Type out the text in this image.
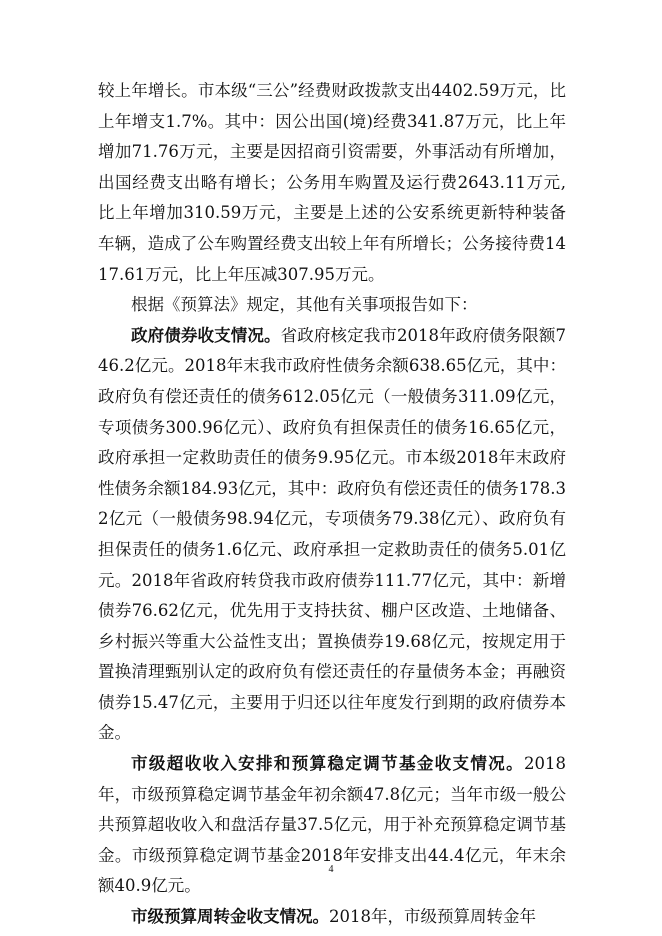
较上年增长。市本级“三公”经费财政拨款支出4402.59万元，比上年增支1.7%。其中：因公出国(境)经费341.87万元，比上年增加71.76万元，主要是因招商引资需要，外事活动有所增加，出国经费支出略有增长；公务用车购置及运行费2643.11万元,比上年增加310.59万元，主要是上述的公安系统更新特种装备车辆，造成了公车购置经费支出较上年有所增长；公务接待费1417.61万元，比上年压减307.95万元。

根据《预算法》规定，其他有关事项报告如下：

政府债券收支情况。省政府核定我市2018年政府债务限额746.2亿元。2018年末我市政府性债务余额638.65亿元，其中：政府负有偿还责任的债务612.05亿元（一般债务311.09亿元，专项债务300.96亿元）、政府负有担保责任的债务16.65亿元，政府承担一定救助责任的债务9.95亿元。市本级2018年末政府性债务余额184.93亿元，其中：政府负有偿还责任的债务178.32亿元（一般债务98.94亿元，专项债务79.38亿元）、政府负有担保责任的债务1.6亿元、政府承担一定救助责任的债务5.01亿元。2018年省政府转贷我市政府债券111.77亿元，其中：新增债券76.62亿元，优先用于支持扶贫、棚户区改造、土地储备、乡村振兴等重大公益性支出；置换债券19.68亿元，按规定用于置换清理甄别认定的政府负有偿还责任的存量债务本金；再融资债券15.47亿元，主要用于归还以往年度发行到期的政府债券本金。

市级超收收入安排和预算稳定调节基金收支情况。2018年，市级预算稳定调节基金年初余额47.8亿元；当年市级一般公共预算超收收入和盘活存量37.5亿元，用于补充预算稳定调节基金。市级预算稳定调节基金2018年安排支出44.4亿元，年末余额40.9亿元。

市级预算周转金收支情况。2018年，市级预算周转金年

4
